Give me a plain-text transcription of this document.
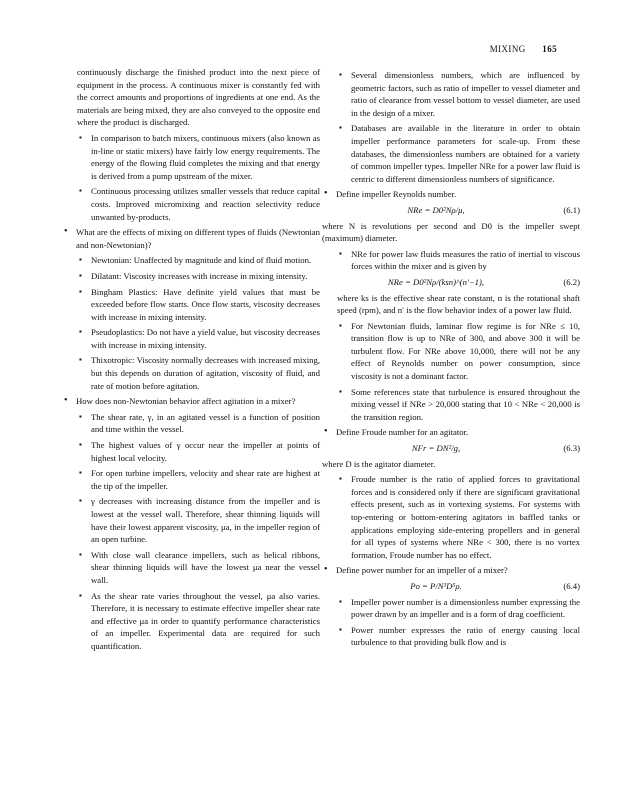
MIXING 165
continuously discharge the finished product into the next piece of equipment in the process. A continuous mixer is constantly fed with the correct amounts and proportions of ingredients at one end. As the materials are being mixed, they are also conveyed to the opposite end where the product is discharged.
▪ In comparison to batch mixers, continuous mixers (also known as in-line or static mixers) have fairly low energy requirements. The energy of the flowing fluid completes the mixing and that energy is derived from a pump upstream of the mixer.
▪ Continuous processing utilizes smaller vessels that reduce capital costs. Improved micromixing and reaction selectivity reduce unwanted by-products.
• What are the effects of mixing on different types of fluids (Newtonian and non-Newtonian)?
▪ Newtonian: Unaffected by magnitude and kind of fluid motion.
▪ Dilatant: Viscosity increases with increase in mixing intensity.
▪ Bingham Plastics: Have definite yield values that must be exceeded before flow starts. Once flow starts, viscosity decreases with increase in mixing intensity.
▪ Pseudoplastics: Do not have a yield value, but viscosity decreases with increase in mixing intensity.
▪ Thixotropic: Viscosity normally decreases with increased mixing, but this depends on duration of agitation, viscosity of fluid, and rate of motion before agitation.
• How does non-Newtonian behavior affect agitation in a mixer?
▪ The shear rate, γ, in an agitated vessel is a function of position and time within the vessel.
▪ The highest values of γ occur near the impeller at points of highest local velocity.
▪ For open turbine impellers, velocity and shear rate are highest at the tip of the impeller.
▪ γ decreases with increasing distance from the impeller and is lowest at the vessel wall. Therefore, shear thinning liquids will have their lowest apparent viscosity, μa, in the impeller region of an open turbine.
▪ With close wall clearance impellers, such as helical ribbons, shear thinning liquids will have the lowest μa near the vessel wall.
▪ As the shear rate varies throughout the vessel, μa also varies. Therefore, it is necessary to estimate effective impeller shear rate and effective μa in order to quantify performance characteristics of an impeller. Experimental data are required for such quantification.
▪ Several dimensionless numbers, which are influenced by geometric factors, such as ratio of impeller to vessel diameter and ratio of clearance from vessel bottom to vessel diameter, are used in the design of a mixer.
▪ Databases are available in the literature in order to obtain impeller performance parameters for scale-up. From these databases, the dimensionless numbers are obtained for a variety of common impeller types. Impeller NRe for a power law fluid is centric to different dimensionless numbers of significance.
• Define impeller Reynolds number.
NRe = D0²Nρ/μ,	(6.1)
where N is revolutions per second and D0 is the impeller swept (maximum) diameter.
▪ NRe for power law fluids measures the ratio of inertial to viscous forces within the mixer and is given by
NRe = D0²Nρ/(ksn)^(n′−1),	(6.2)
where ks is the effective shear rate constant, n is the rotational shaft speed (rpm), and n′ is the flow behavior index of a power law fluid.
▪ For Newtonian fluids, laminar flow regime is for NRe ≤ 10, transition flow is up to NRe of 300, and above 300 it will be turbulent flow. For NRe above 10,000, there will not be any effect of Reynolds number on power consumption, since viscosity is not a dominant factor.
▪ Some references state that turbulence is ensured throughout the mixing vessel if NRe > 20,000 stating that 10 < NRe < 20,000 is the transition region.
• Define Froude number for an agitator.
NFr = DN²/g,	(6.3)
where D is the agitator diameter.
▪ Froude number is the ratio of applied forces to gravitational forces and is considered only if there are significant gravitational effects present, such as in vortexing systems. For systems with top-entering or bottom-entering agitators in baffled tanks or applications employing side-entering propellers and in general for all types of systems where NRe < 300, there is no vortex formation, Froude number has no effect.
• Define power number for an impeller of a mixer?
Po = P/N³D⁵ρ.	(6.4)
▪ Impeller power number is a dimensionless number expressing the power drawn by an impeller and is a form of drag coefficient.
▪ Power number expresses the ratio of energy causing local turbulence to that providing bulk flow and is
